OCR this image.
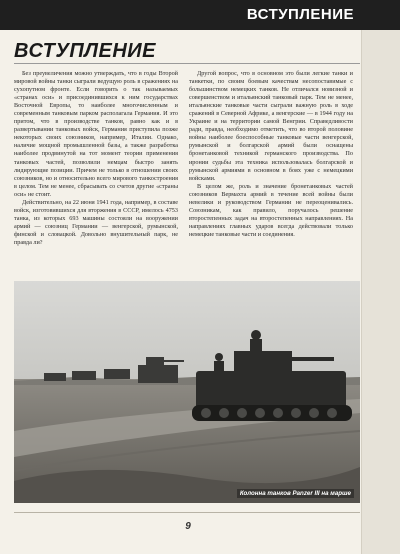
ВСТУПЛЕНИЕ
ВСТУПЛЕНИЕ

Без преувеличения можно утверждать, что в годы Второй мировой войны танки сыграли ведущую роль в сражениях на сухопутном фронте. Если говорить о так называемых «странах оси» и присоединившихся к ним государствах Восточной Европы, то наиболее многочисленным и современным танковым парком располагала Германия. И это притом, что в производстве танков, равно как и в развертывании танковых войск, Германия приступила позже некоторых своих союзников, например, Италии. Однако, наличие мощной промышленной базы, а также разработка наиболее продвинутой на тот момент теории применения танковых частей, позволили немцам быстро занять лидирующие позиции. Причем не только в отношении своих союзников, но и относительно всего мирового танкостроения в целом. Тем не менее, сбрасывать со счетов другие «страны оси» не стоит.

Действительно, на 22 июня 1941 года, например, в составе войск, изготовившихся для вторжения в СССР, имелось 4753 танка, из которых 693 машины состояли на вооружении армий — союзниц Германии — венгерской, румынской, финской и словацкой. Довольно внушительный парк, не правда ли?

Другой вопрос, что в основном это были легкие танки и танкетки, по своим боевым качествам несопоставимые с большинством немецких танков. Не отличался новизной и совершенством и итальянский танковый парк. Тем не менее, итальянские танковые части сыграли важную роль в ходе сражений в Северной Африке, а венгерские — в 1944 году на Украине и на территории самой Венгрии. Справедливости ради, правда, необходимо отметить, что во второй половине войны наиболее боеспособные танковые части венгерской, румынской и болгарской армий были оснащены бронетанковой техникой германского производства. По иронии судьбы эта техника использовалась болгарской и румынской армиями в основном в боях уже с немецкими войсками.

В целом же, роль и значение бронетанковых частей союзников Вермахта армий в течение всей войны были невелики и руководством Германии не переоценивались. Союзникам, как правило, поручалось решение второстепенных задач на второстепенных направлениях. На направлениях главных ударов всегда действовали только немецкие танковые части и соединения.

Колонна танков Panzer III на марше
9
